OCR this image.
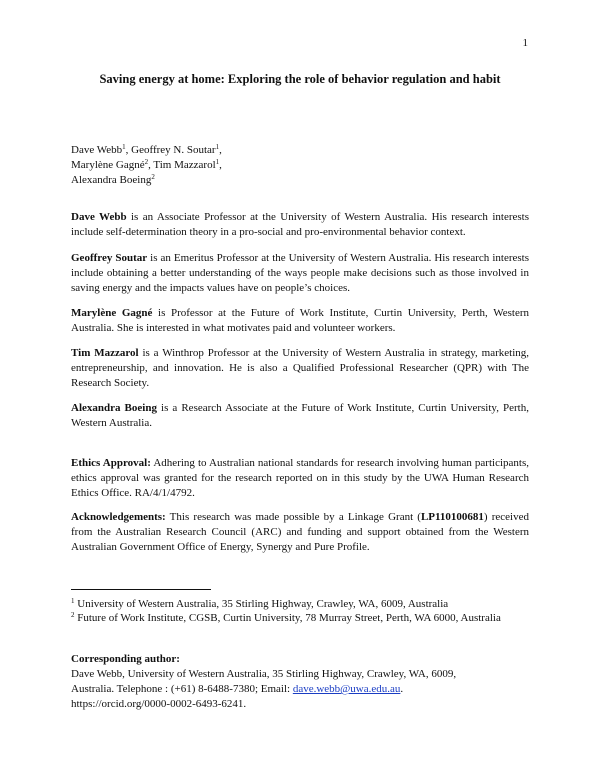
1
Saving energy at home: Exploring the role of behavior regulation and habit
Dave Webb$^1$, Geoffrey N. Soutar$^1$,
Marylène Gagné$^2$, Tim Mazzarol$^1$,
Alexandra Boeing$^2$
Dave Webb is an Associate Professor at the University of Western Australia. His research interests include self-determination theory in a pro-social and pro-environmental behavior context.
Geoffrey Soutar is an Emeritus Professor at the University of Western Australia. His research interests include obtaining a better understanding of the ways people make decisions such as those involved in saving energy and the impacts values have on people’s choices.
Marylène Gagné is Professor at the Future of Work Institute, Curtin University, Perth, Western Australia. She is interested in what motivates paid and volunteer workers.
Tim Mazzarol is a Winthrop Professor at the University of Western Australia in strategy, marketing, entrepreneurship, and innovation. He is also a Qualified Professional Researcher (QPR) with The Research Society.
Alexandra Boeing is a Research Associate at the Future of Work Institute, Curtin University, Perth, Western Australia.
Ethics Approval: Adhering to Australian national standards for research involving human participants, ethics approval was granted for the research reported on in this study by the UWA Human Research Ethics Office. RA/4/1/4792.
Acknowledgements: This research was made possible by a Linkage Grant (LP110100681) received from the Australian Research Council (ARC) and funding and support obtained from the Western Australian Government Office of Energy, Synergy and Pure Profile.
$^1$ University of Western Australia, 35 Stirling Highway, Crawley, WA, 6009, Australia
$^2$ Future of Work Institute, CGSB, Curtin University, 78 Murray Street, Perth, WA 6000, Australia
Corresponding author:
Dave Webb, University of Western Australia, 35 Stirling Highway, Crawley, WA, 6009,
Australia. Telephone : (+61) 8-6488-7380; Email: dave.webb@uwa.edu.au.
https://orcid.org/0000-0002-6493-6241.
